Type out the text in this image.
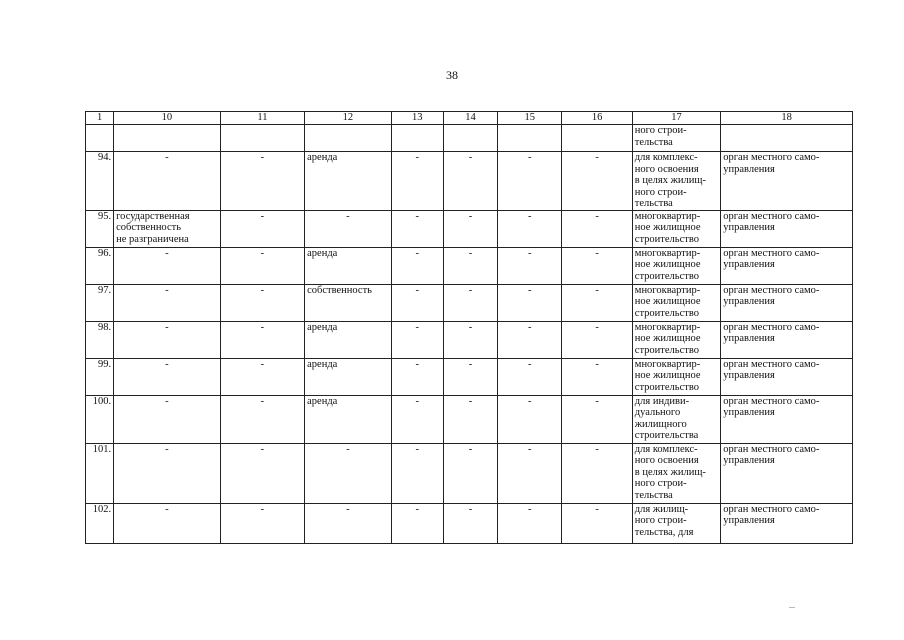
38
1	10	11	12	13	14	15	16	17	18
								ного строи-
тельства	
94.	-	-	аренда	-	-	-	-	для комплекс-
ного освоения
в целях жилищ-
ного строи-
тельства	орган местного само-
управления
95.	государственная
собственность
не разграничена	-	-	-	-	-	-	многоквартир-
ное жилищное
строительство	орган местного само-
управления
96.	-	-	аренда	-	-	-	-	многоквартир-
ное жилищное
строительство	орган местного само-
управления
97.	-	-	собственность	-	-	-	-	многоквартир-
ное жилищное
строительство	орган местного само-
управления
98.	-	-	аренда	-	-	-	-	многоквартир-
ное жилищное
строительство	орган местного само-
управления
99.	-	-	аренда	-	-	-	-	многоквартир-
ное жилищное
строительство	орган местного само-
управления
100.	-	-	аренда	-	-	-	-	для индиви-
дуального
жилищного
строительства	орган местного само-
управления
101.	-	-	-	-	-	-	-	для комплекс-
ного освоения
в целях жилищ-
ного строи-
тельства	орган местного само-
управления
102.	-	-	-	-	-	-	-	для жилищ-
ного строи-
тельства, для	орган местного само-
управления
